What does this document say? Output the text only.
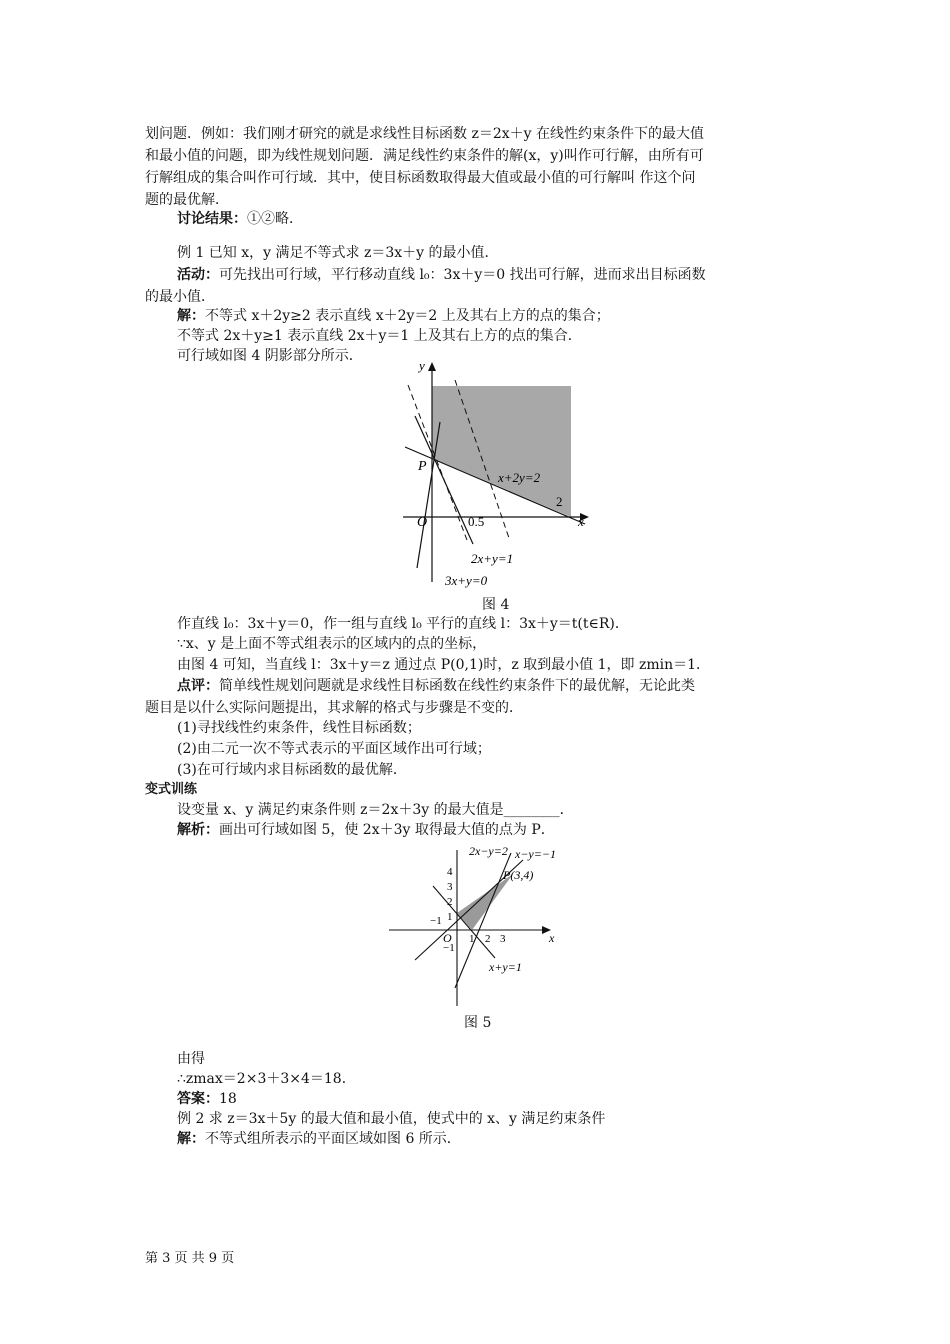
划问题．例如：我们刚才研究的就是求线性目标函数 z＝2x＋y 在线性约束条件下的最大值
和最小值的问题，即为线性规划问题．满足线性约束条件的解(x，y)叫作可行解，由所有可
行解组成的集合叫作可行域．其中，使目标函数取得最大值或最小值的可行解叫 作这个问
题的最优解．
讨论结果：①②略．
例 1 已知 x，y 满足不等式求 z＝3x＋y 的最小值．
活动：可先找出可行域，平行移动直线 l₀：3x＋y＝0 找出可行解，进而求出目标函数
的最小值．
解：不等式 x＋2y≥2 表示直线 x＋2y＝2 上及其右上方的点的集合；
不等式 2x＋y≥1 表示直线 2x＋y＝1 上及其右上方的点的集合．
可行域如图 4 阴影部分所示．
y
x
P
O	0.5
2
x+2y=2
2x+y=1
3x+y=0
图 4
作直线 l₀：3x＋y＝0，作一组与直线 l₀ 平行的直线 l：3x＋y＝t(t∈R)．
∵x、y 是上面不等式组表示的区域内的点的坐标，
由图 4 可知，当直线 l：3x＋y＝z 通过点 P(0,1)时，z 取到最小值 1，即 zmin＝1．
点评：简单线性规划问题就是求线性目标函数在线性约束条件下的最优解，无论此类
题目是以什么实际问题提出，其求解的格式与步骤是不变的．
(1)寻找线性约束条件，线性目标函数；
(2)由二元一次不等式表示的平面区域作出可行域；
(3)在可行域内求目标函数的最优解．
变式训练
设变量 x、y 满足约束条件则 z＝2x＋3y 的最大值是________．
解析：画出可行域如图 5，使 2x＋3y 取得最大值的点为 P．
2x−y=2 x−y=−1
P(3,4)
x+y=1
x
O
4
3
2
1
−1
−1
1 2 3
图 5
由得
∴zmax＝2×3＋3×4＝18．
答案：18
例 2 求 z＝3x＋5y 的最大值和最小值，使式中的 x、y 满足约束条件
解：不等式组所表示的平面区域如图 6 所示．
第 3 页 共 9 页
